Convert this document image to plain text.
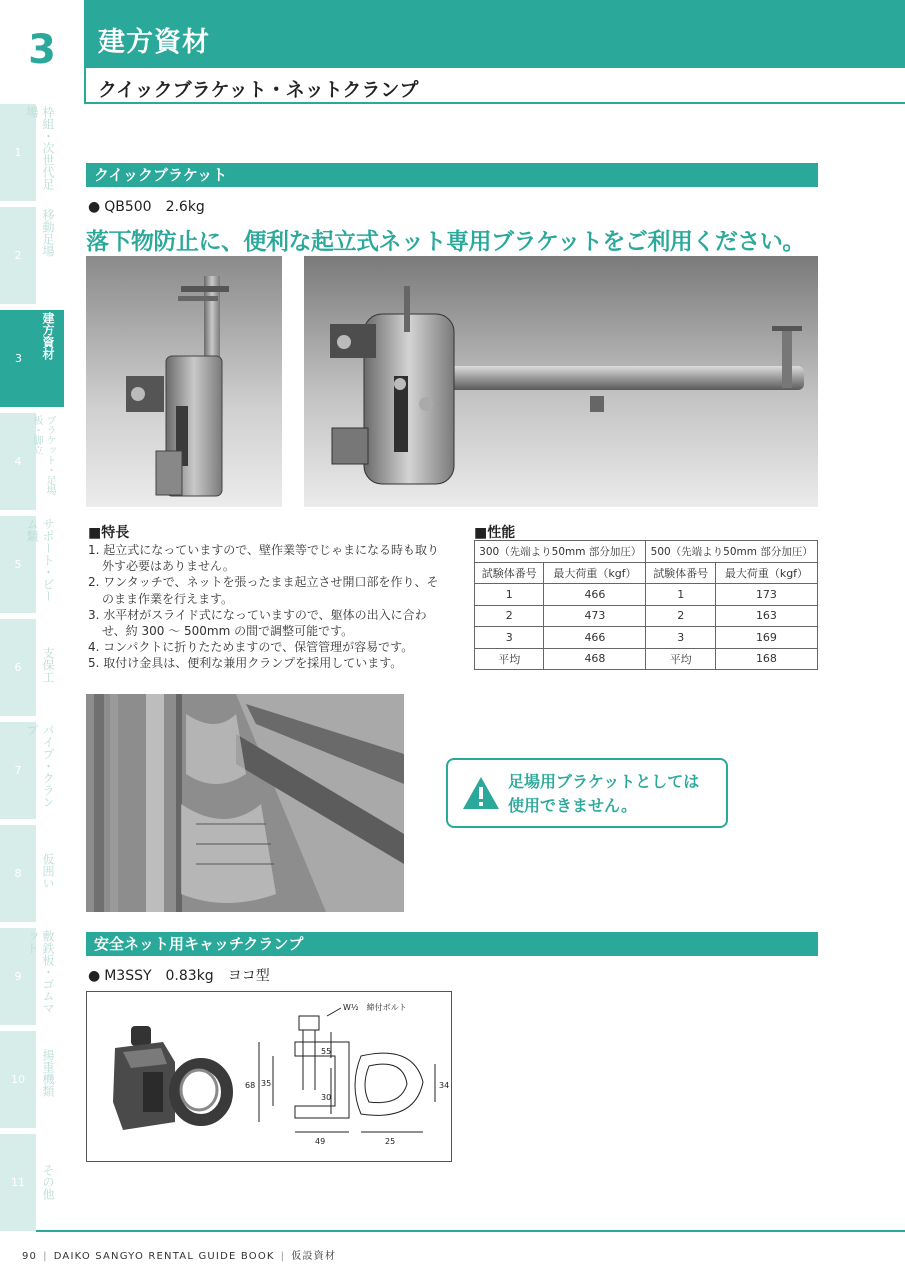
3 建方資材
クイックブラケット・ネットクランプ
1	枠組・次世代足場
2	移動足場
3	建方資材
4	ブラケット・足場板・脚立
5	サポート・ビーム類
6	支保工
7	パイプ・クランプ
8	仮囲い
9	敷鉄板・ゴムマット
10	揚重機類
11	その他
クイックブラケット
● QB500　2.6kg
落下物防止に、便利な起立式ネット専用ブラケットをご利用ください。
■特長
1. 起立式になっていますので、壁作業等でじゃまになる時も取り外す必要はありません。
2. ワンタッチで、ネットを張ったまま起立させ開口部を作り、そのまま作業を行えます。
3. 水平材がスライド式になっていますので、躯体の出入に合わせ、約 300 ～ 500mm の間で調整可能です。
4. コンパクトに折りたためますので、保管管理が容易です。
5. 取付け金具は、便利な兼用クランプを採用しています。
■性能
300（先端より50mm 部分加圧）		500（先端より50mm 部分加圧）	
試験体番号	最大荷重（kgf）	試験体番号	最大荷重（kgf）
1	466	1	173
2	473	2	163
3	466	3	169
平均	468	平均	168
足場用ブラケットとしては
使用できません。
安全ネット用キャッチクランプ
● M3SSY　0.83kg　ヨコ型
W½　締付ボルト
68 35
55
30
34
49	25
90 | DAIKO SANGYO RENTAL GUIDE BOOK | 仮設資材
